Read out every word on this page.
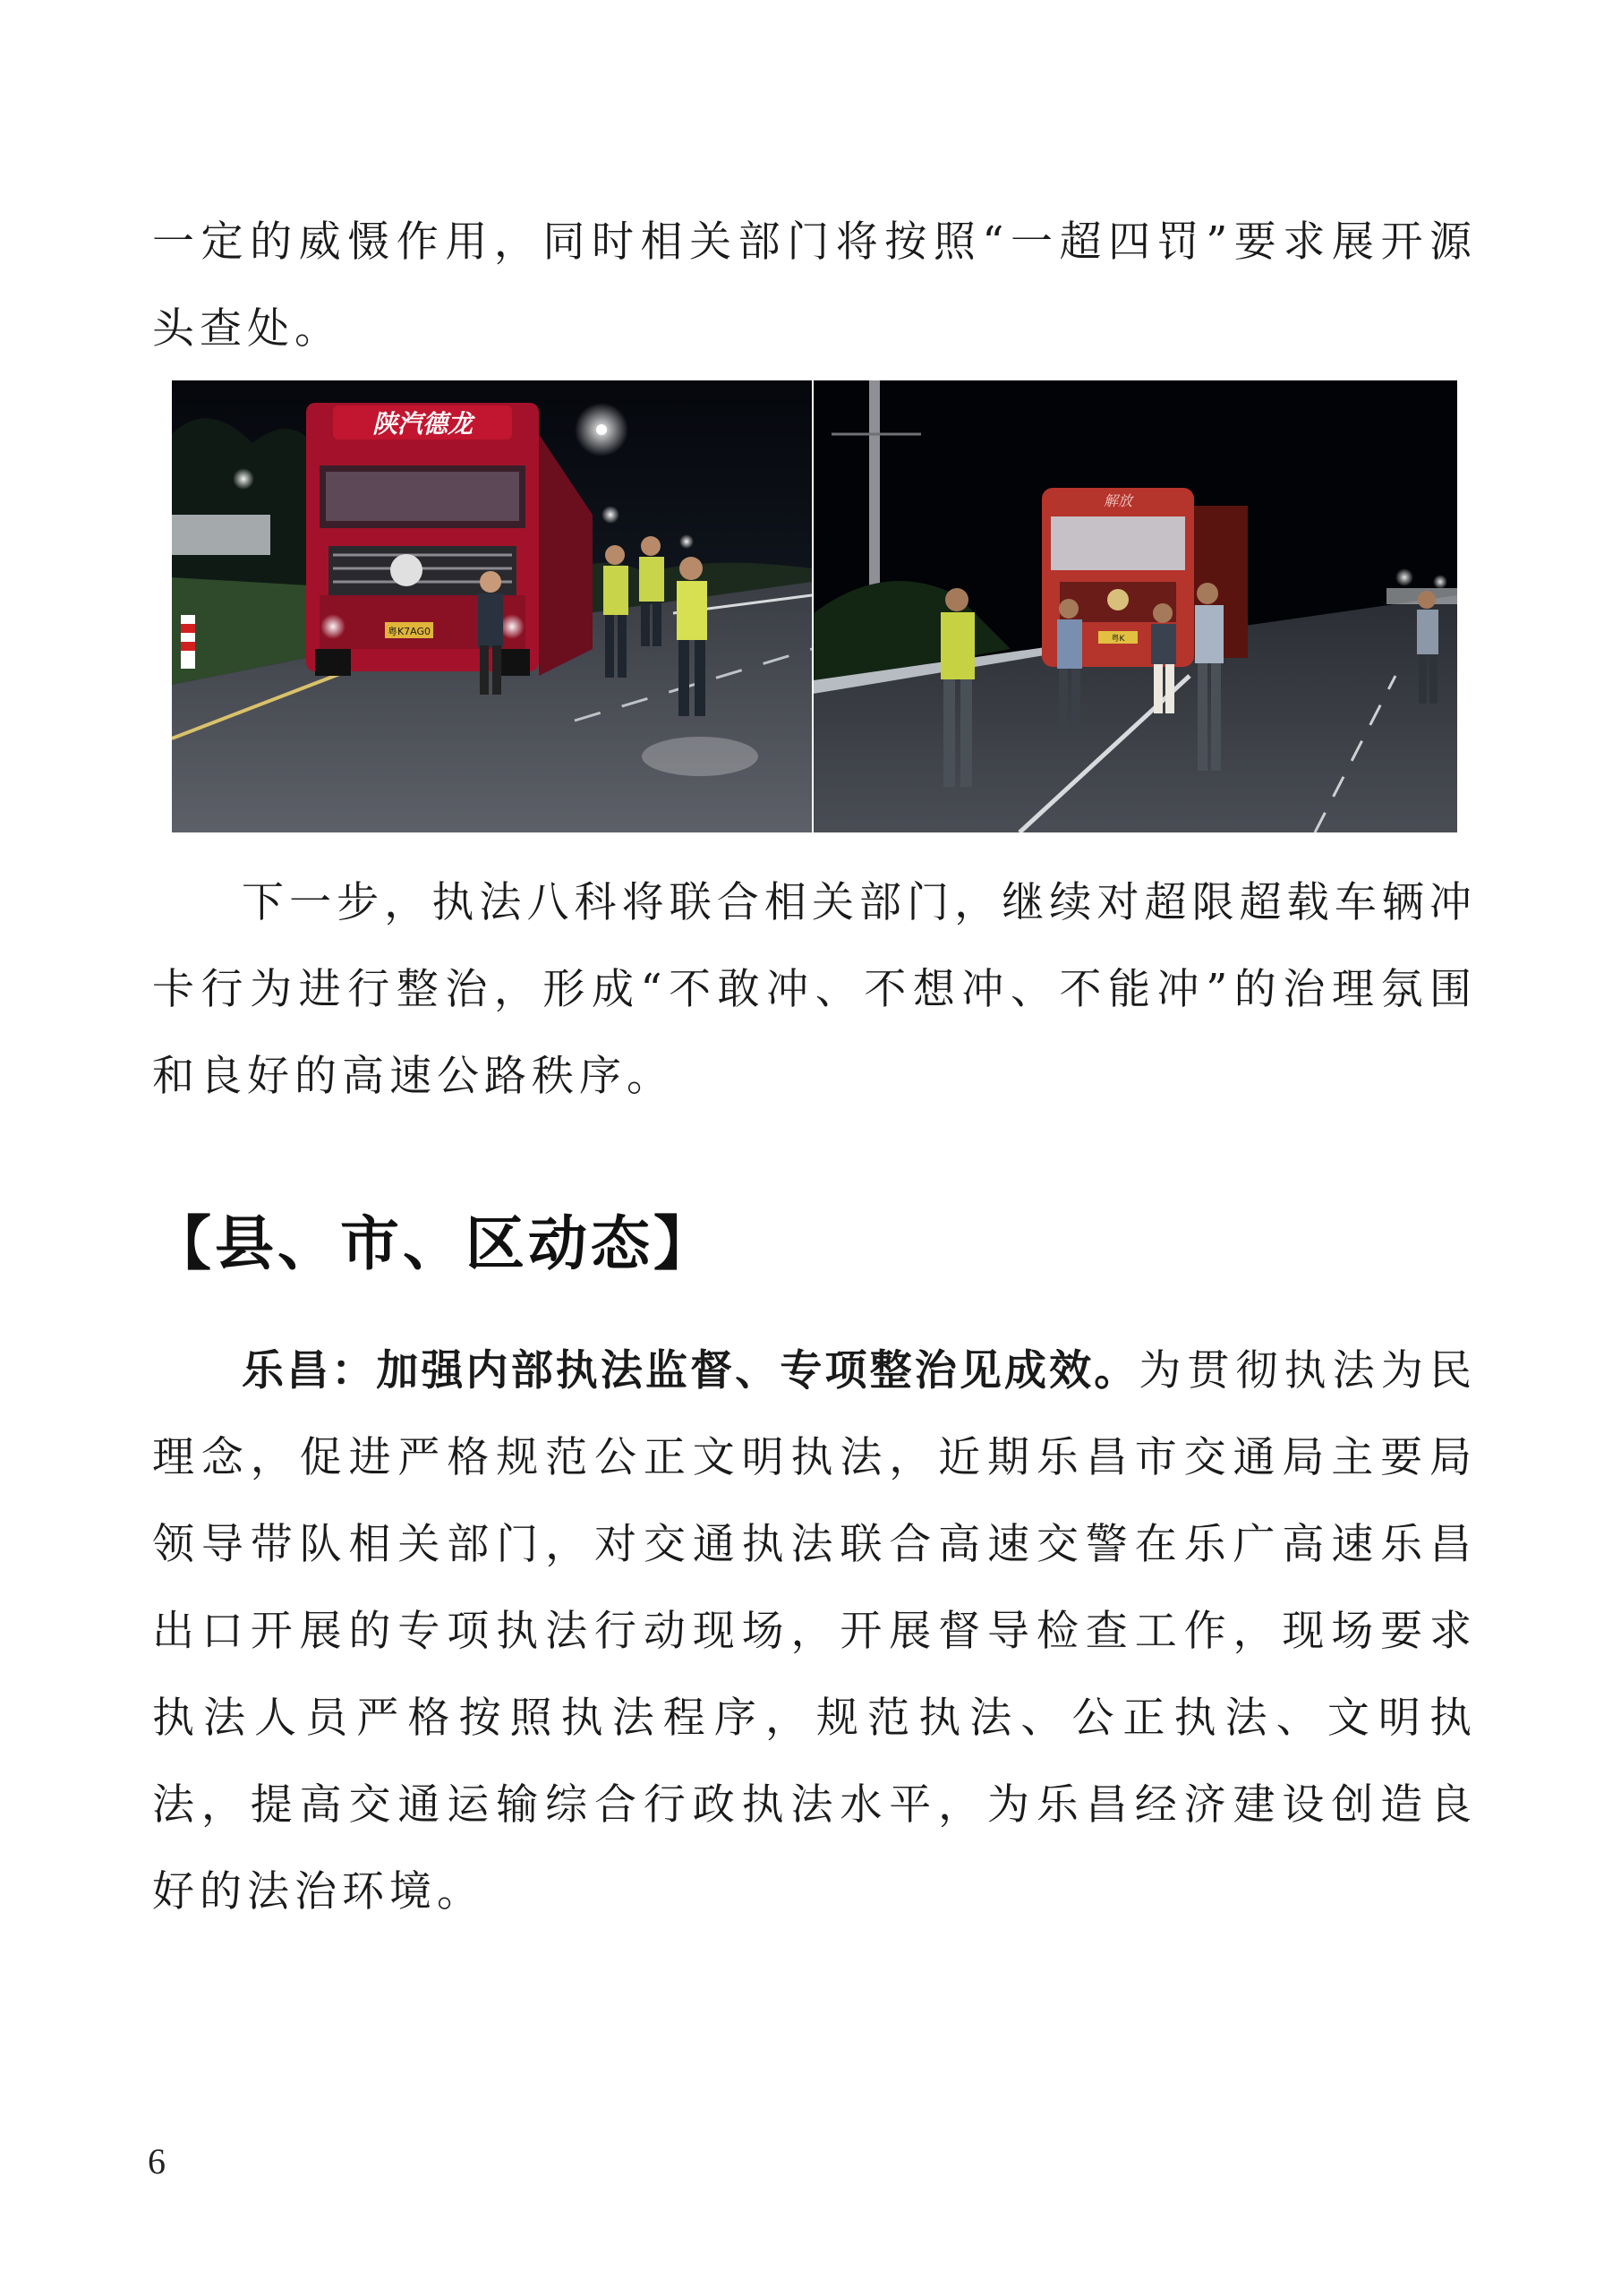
一定的威慑作用，同时相关部门将按照“一超四罚”要求展开源头查处。

陕汽德龙
粤K7AG0
解放
粤K

下一步，执法八科将联合相关部门，继续对超限超载车辆冲卡行为进行整治，形成“不敢冲、不想冲、不能冲”的治理氛围和良好的高速公路秩序。

【县、市、区动态】

乐昌：加强内部执法监督、专项整治见成效。为贯彻执法为民理念，促进严格规范公正文明执法，近期乐昌市交通局主要局领导带队相关部门，对交通执法联合高速交警在乐广高速乐昌出口开展的专项执法行动现场，开展督导检查工作，现场要求执法人员严格按照执法程序，规范执法、公正执法、文明执法，提高交通运输综合行政执法水平，为乐昌经济建设创造良好的法治环境。

6
